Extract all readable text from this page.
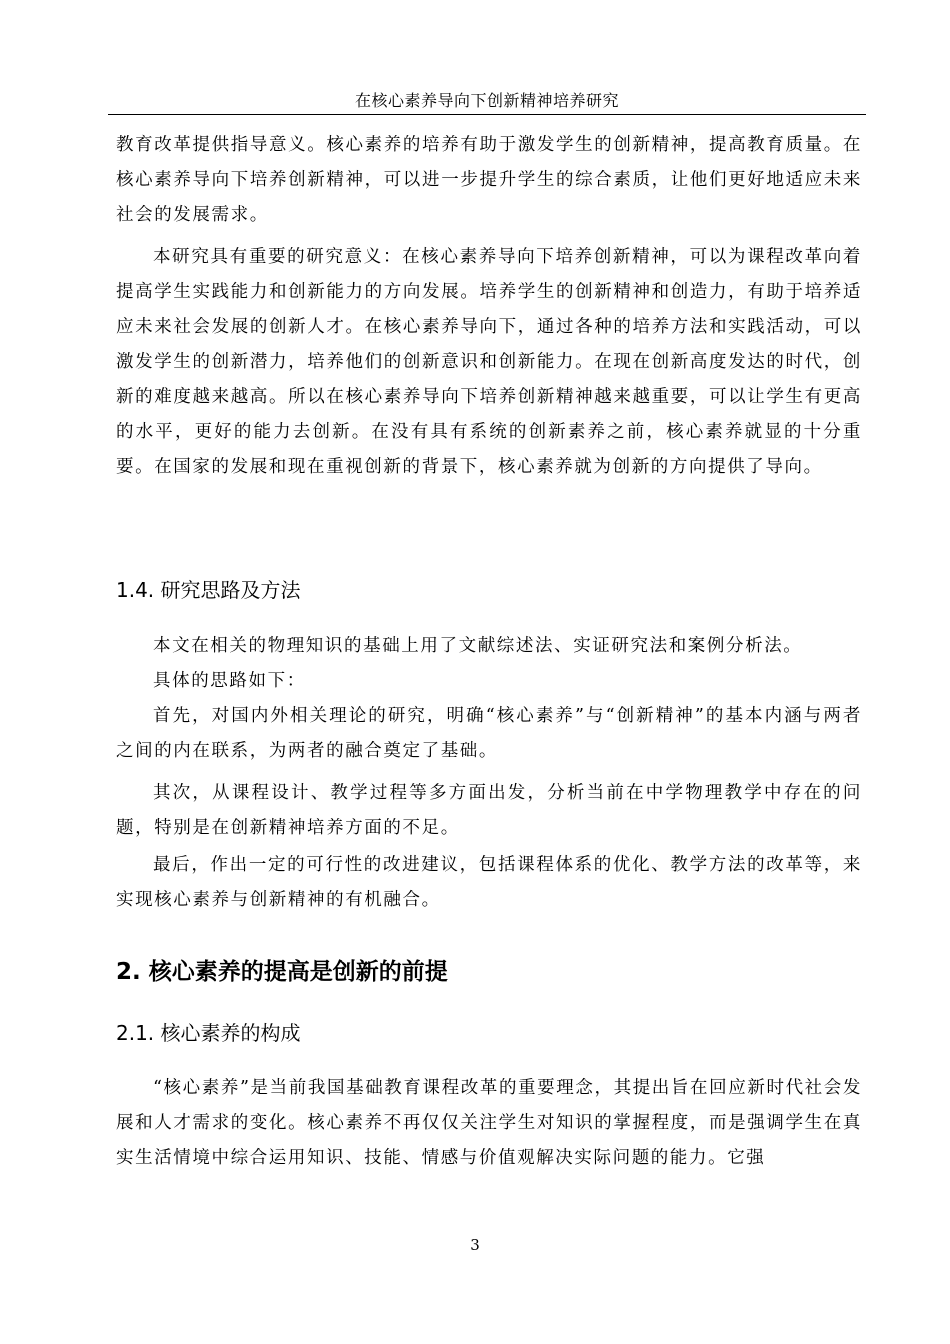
在核心素养导向下创新精神培养研究

教育改革提供指导意义。核心素养的培养有助于激发学生的创新精神，提高教育质量。在核心素养导向下培养创新精神，可以进一步提升学生的综合素质，让他们更好地适应未来社会的发展需求。

本研究具有重要的研究意义：在核心素养导向下培养创新精神，可以为课程改革向着提高学生实践能力和创新能力的方向发展。培养学生的创新精神和创造力，有助于培养适应未来社会发展的创新人才。在核心素养导向下，通过各种的培养方法和实践活动，可以激发学生的创新潜力，培养他们的创新意识和创新能力。在现在创新高度发达的时代，创新的难度越来越高。所以在核心素养导向下培养创新精神越来越重要，可以让学生有更高的水平，更好的能力去创新。在没有具有系统的创新素养之前，核心素养就显的十分重要。在国家的发展和现在重视创新的背景下，核心素养就为创新的方向提供了导向。

1.4. 研究思路及方法

本文在相关的物理知识的基础上用了文献综述法、实证研究法和案例分析法。

具体的思路如下：

首先，对国内外相关理论的研究，明确“核心素养”与“创新精神”的基本内涵与两者之间的内在联系，为两者的融合奠定了基础。

其次，从课程设计、教学过程等多方面出发，分析当前在中学物理教学中存在的问题，特别是在创新精神培养方面的不足。

最后，作出一定的可行性的改进建议，包括课程体系的优化、教学方法的改革等，来实现核心素养与创新精神的有机融合。

2. 核心素养的提高是创新的前提
2.1. 核心素养的构成

“核心素养”是当前我国基础教育课程改革的重要理念，其提出旨在回应新时代社会发展和人才需求的变化。核心素养不再仅仅关注学生对知识的掌握程度，而是强调学生在真实生活情境中综合运用知识、技能、情感与价值观解决实际问题的能力。它强

3
